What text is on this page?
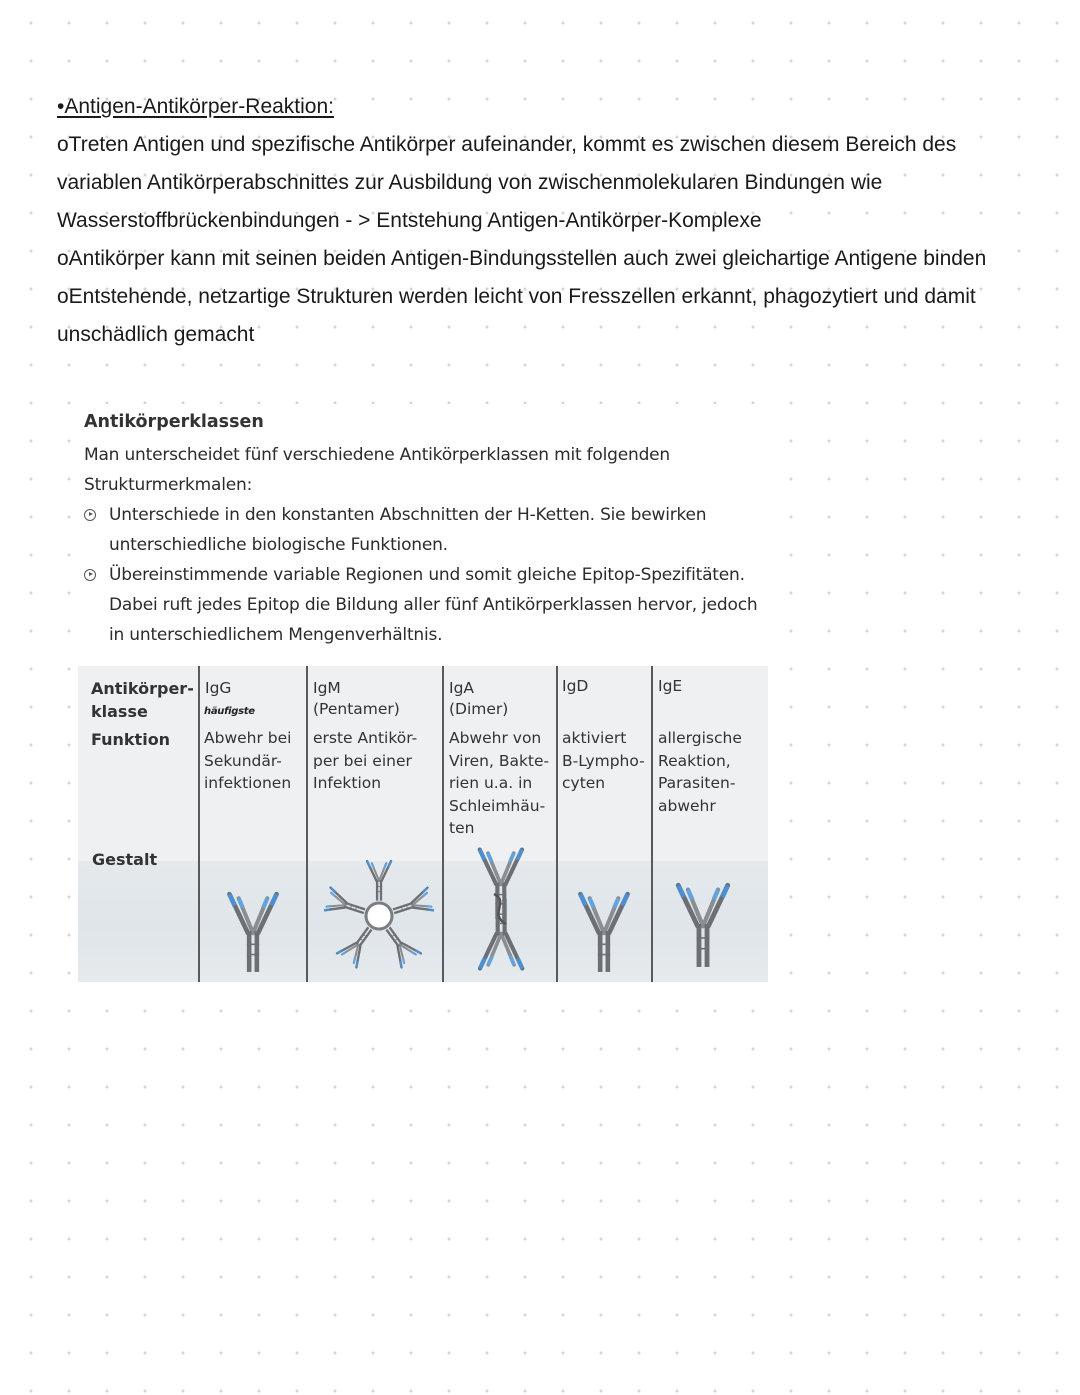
•Antigen-Antikörper-Reaktion:

oTreten Antigen und spezifische Antikörper aufeinander, kommt es zwischen diesem Bereich des variablen Antikörperabschnittes zur Ausbildung von zwischenmolekularen Bindungen wie Wasserstoffbrückenbindungen - > Entstehung Antigen-Antikörper-Komplexe

oAntikörper kann mit seinen beiden Antigen-Bindungsstellen auch zwei gleichartige Antigene binden

oEntstehende, netzartige Strukturen werden leicht von Fresszellen erkannt, phagozytiert und damit unschädlich gemacht

Antikörperklassen
Man unterscheidet fünf verschiedene Antikörperklassen mit folgenden Strukturmerkmalen:
Unterschiede in den konstanten Abschnitten der H-Ketten. Sie bewirken unterschiedliche biologische Funktionen.
Übereinstimmende variable Regionen und somit gleiche Epitop-Spezifitäten. Dabei ruft jedes Epitop die Bildung aller fünf Antikörperklassen hervor, jedoch in unterschiedlichem Mengenverhältnis.
Antikörper-
klasse
Funktion
Gestalt
IgG
häufigste
Abwehr bei
Sekundär-
infektionen
IgM
(Pentamer)
erste Antikör-
per bei einer
Infektion
IgA
(Dimer)
Abwehr von
Viren, Bakte-
rien u.a. in
Schleimhäu-
ten
IgD
aktiviert
B-Lympho-
cyten
IgE
allergische
Reaktion,
Parasiten-
abwehr
